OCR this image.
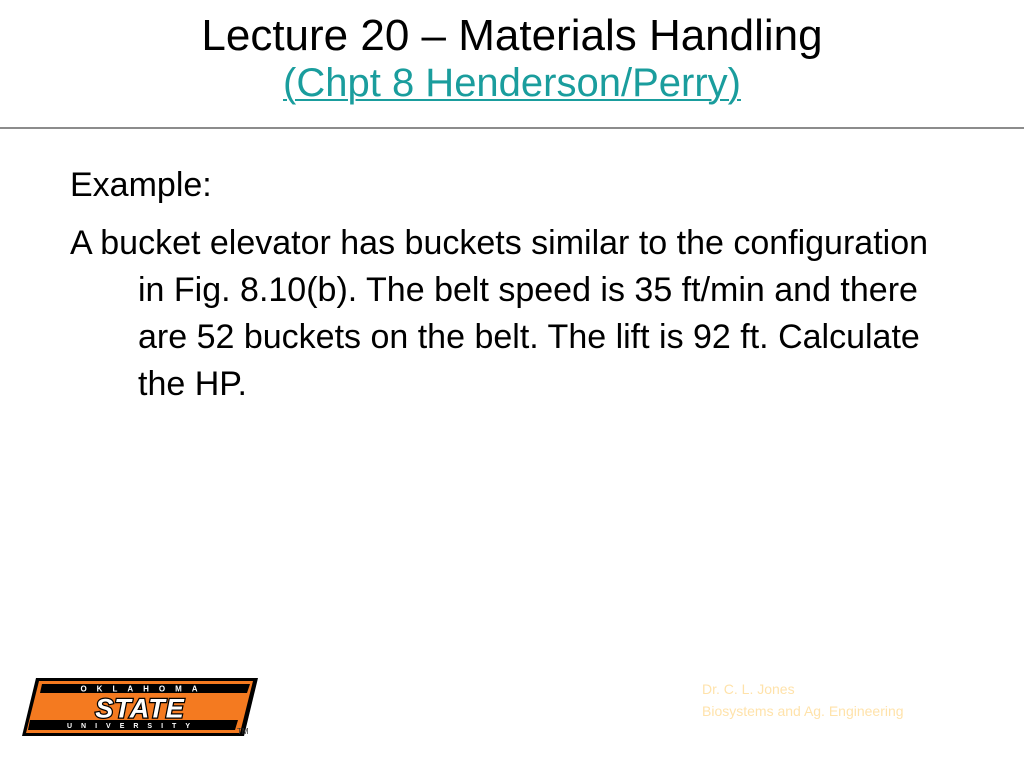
Lecture 20 – Materials Handling
(Chpt 8 Henderson/Perry)

Example:

A bucket elevator has buckets similar to the configuration in Fig. 8.10(b). The belt speed is 35 ft/min and there are 52 buckets on the belt. The lift is 92 ft. Calculate the HP.

OKLAHOMA
STATE
UNIVERSITY
TM
Dr. C. L. Jones
Biosystems and Ag. Engineering
